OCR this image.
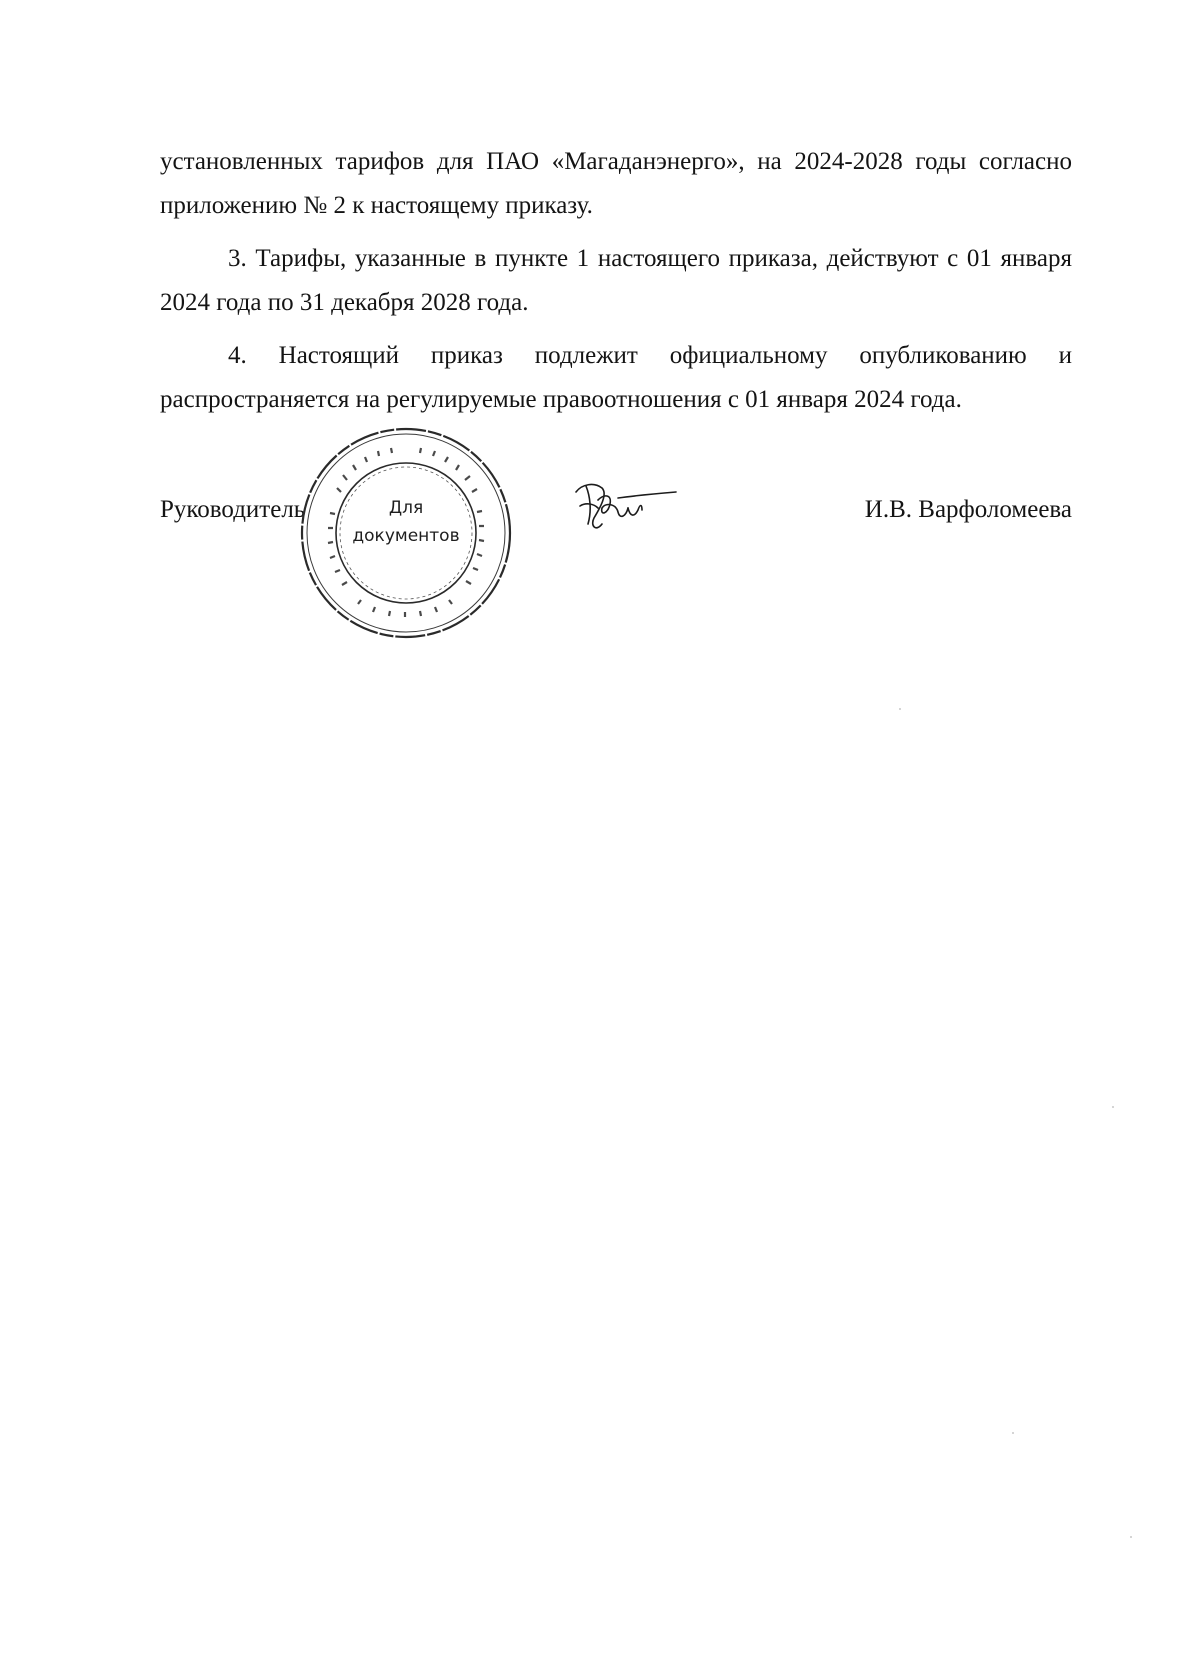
установленных тарифов для ПАО «Магаданэнерго», на 2024-2028 годы согласно приложению № 2 к настоящему приказу.

3. Тарифы, указанные в пункте 1 настоящего приказа, действуют с 01 января 2024 года по 31 декабря 2028 года.

4. Настоящий приказ подлежит официальному опубликованию и распространяется на регулируемые правоотношения с 01 января 2024 года.

Руководитель	И.В. Варфоломеева
Для
документов
